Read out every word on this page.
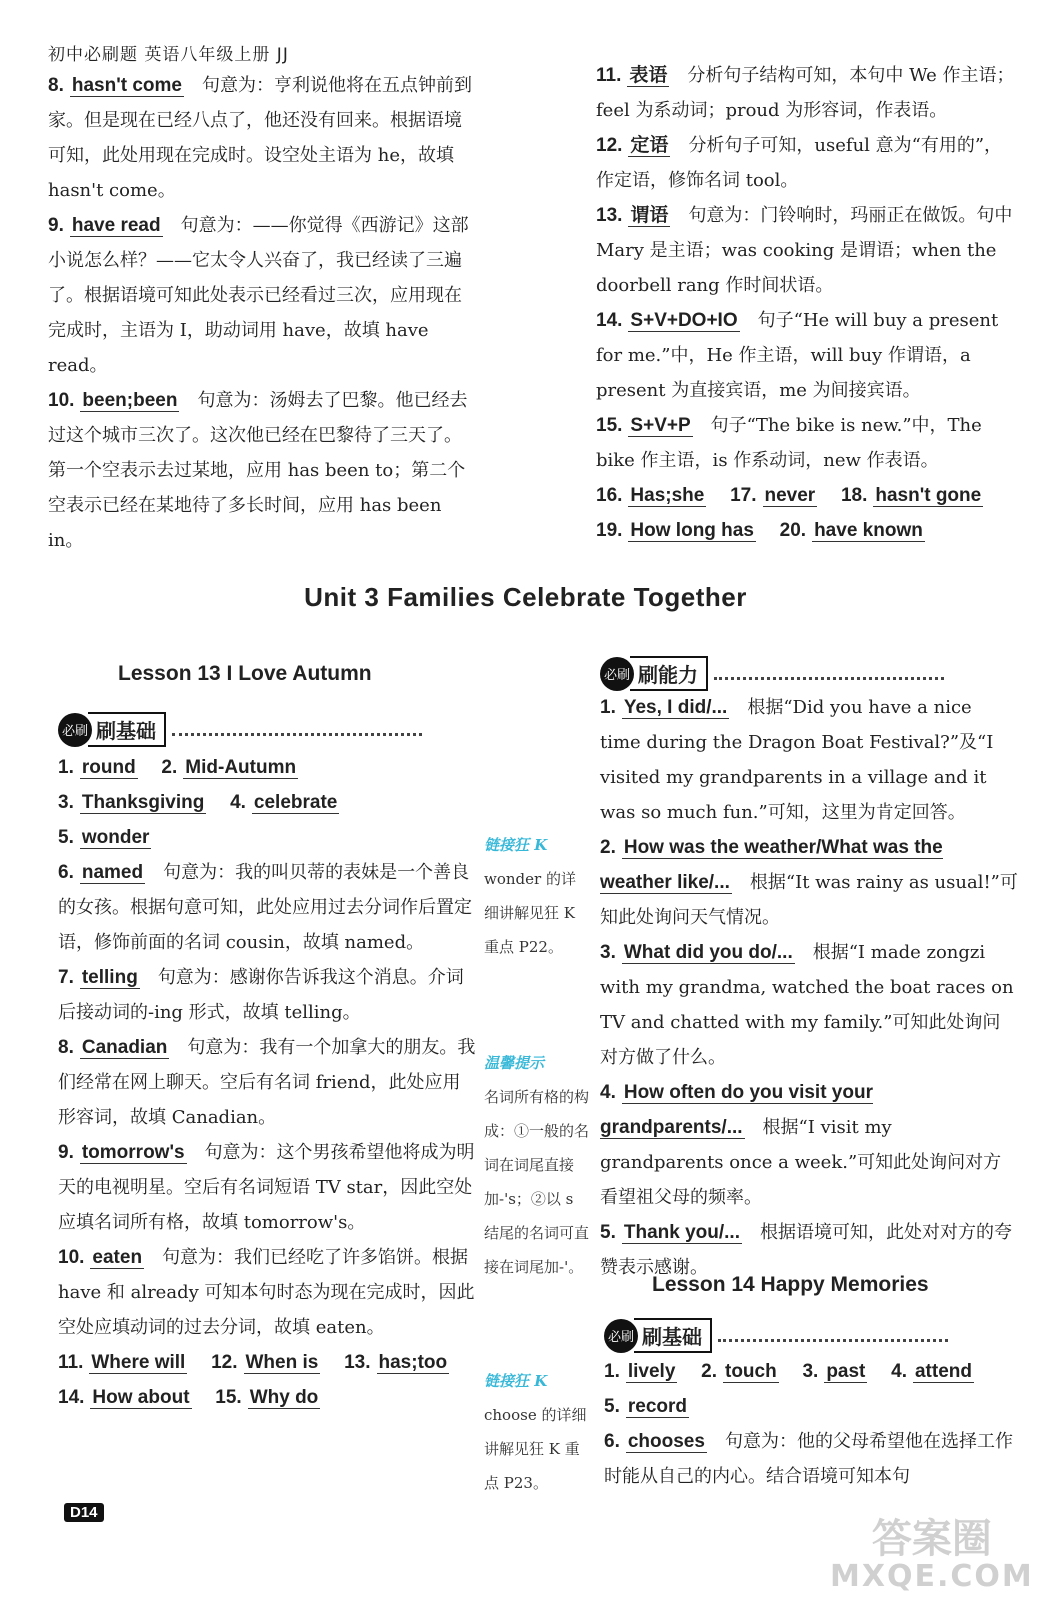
初中必刷题 英语八年级上册 JJ
8. hasn't come 句意为：亨利说他将在五点钟前到家。但是现在已经八点了，他还没有回来。根据语境可知，此处用现在完成时。设空处主语为 he，故填 hasn't come。
9. have read 句意为：——你觉得《西游记》这部小说怎么样？——它太令人兴奋了，我已经读了三遍了。根据语境可知此处表示已经看过三次，应用现在完成时，主语为 I，助动词用 have，故填 have read。
10. been;been 句意为：汤姆去了巴黎。他已经去过这个城市三次了。这次他已经在巴黎待了三天了。第一个空表示去过某地，应用 has been to；第二个空表示已经在某地待了多长时间，应用 has been in。
11. 表语 分析句子结构可知，本句中 We 作主语；feel 为系动词；proud 为形容词，作表语。
12. 定语 分析句子可知，useful 意为“有用的”，作定语，修饰名词 tool。
13. 谓语 句意为：门铃响时，玛丽正在做饭。句中 Mary 是主语；was cooking 是谓语；when the doorbell rang 作时间状语。
14. S+V+DO+IO 句子“He will buy a present for me.”中，He 作主语，will buy 作谓语，a present 为直接宾语，me 为间接宾语。
15. S+V+P 句子“The bike is new.”中，The bike 作主语，is 作系动词，new 作表语。
16. Has;she 17. never 18. hasn't gone
19. How long has 20. have known
Unit 3 Families Celebrate Together
Lesson 13 I Love Autumn
必刷 刷基础
1. round 2. Mid-Autumn
3. Thanksgiving 4. celebrate
5. wonder
6. named 句意为：我的叫贝蒂的表妹是一个善良的女孩。根据句意可知，此处应用过去分词作后置定语，修饰前面的名词 cousin，故填 named。
7. telling 句意为：感谢你告诉我这个消息。介词后接动词的-ing 形式，故填 telling。
8. Canadian 句意为：我有一个加拿大的朋友。我们经常在网上聊天。空后有名词 friend，此处应用形容词，故填 Canadian。
9. tomorrow's 句意为：这个男孩希望他将成为明天的电视明星。空后有名词短语 TV star，因此空处应填名词所有格，故填 tomorrow's。
10. eaten 句意为：我们已经吃了许多馅饼。根据 have 和 already 可知本句时态为现在完成时，因此空处应填动词的过去分词，故填 eaten。
11. Where will 12. When is 13. has;too
14. How about 15. Why do
链接狂 K
wonder 的详细讲解见狂 K 重点 P22。
温馨提示
名词所有格的构成：①一般的名词在词尾直接加-'s；②以 s 结尾的名词可直接在词尾加-'。
链接狂 K
choose 的详细讲解见狂 K 重点 P23。
必刷 刷能力
1. Yes, I did/... 根据“Did you have a nice time during the Dragon Boat Festival?”及“I visited my grandparents in a village and it was so much fun.”可知，这里为肯定回答。
2. How was the weather/What was the weather like/... 根据“It was rainy as usual!”可知此处询问天气情况。
3. What did you do/... 根据“I made zongzi with my grandma, watched the boat races on TV and chatted with my family.”可知此处询问对方做了什么。
4. How often do you visit your grandparents/... 根据“I visit my grandparents once a week.”可知此处询问对方看望祖父母的频率。
5. Thank you/... 根据语境可知，此处对对方的夸赞表示感谢。
Lesson 14 Happy Memories
必刷 刷基础
1. lively 2. touch 3. past 4. attend
5. record
6. chooses 句意为：他的父母希望他在选择工作时能从自己的内心。结合语境可知本句
D14
答案圈
MXQE.COM
